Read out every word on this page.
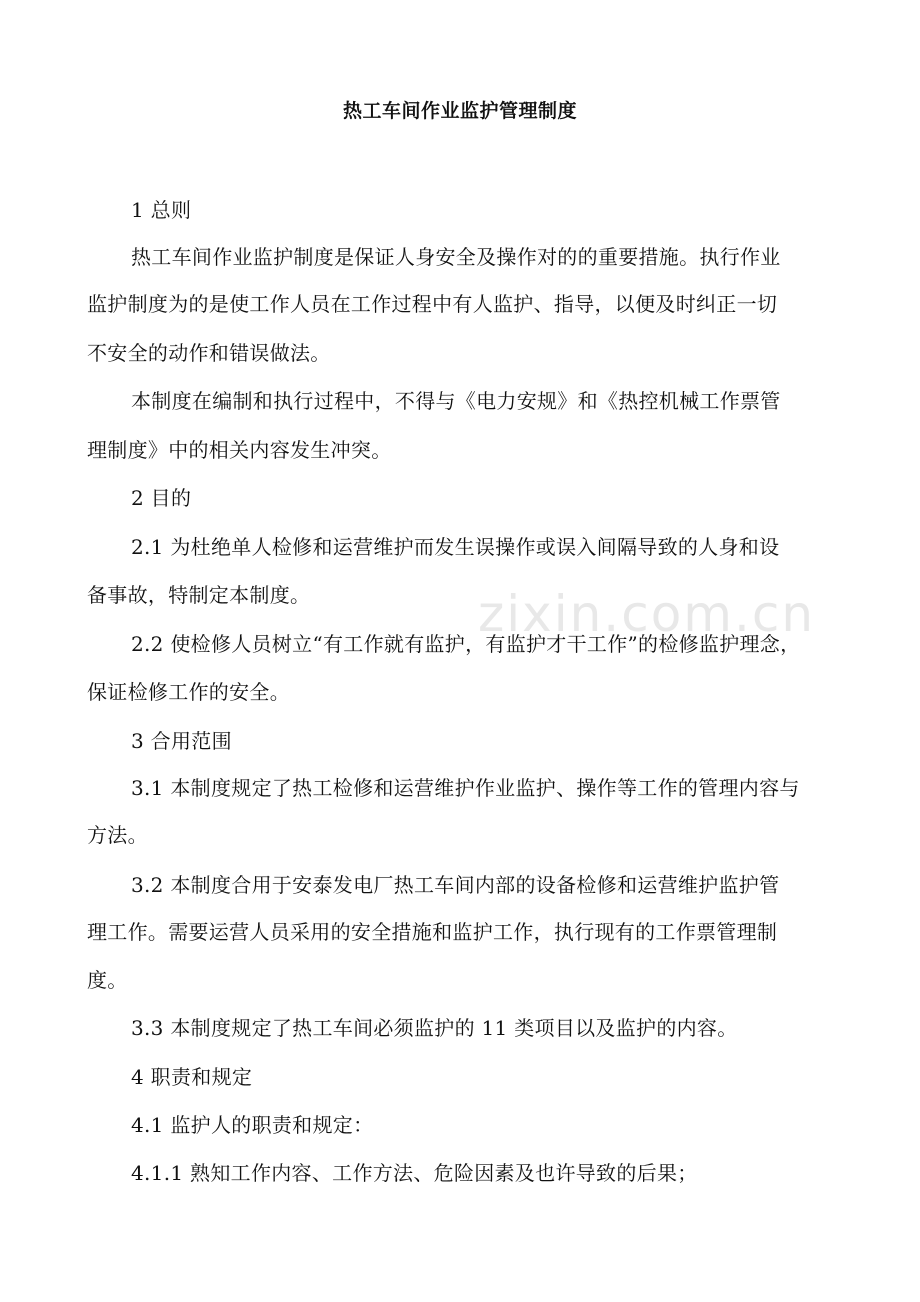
zixin.com.cn
热工车间作业监护管理制度
1 总则
热工车间作业监护制度是保证人身安全及操作对的的重要措施。执行作业
监护制度为的是使工作人员在工作过程中有人监护、指导，以便及时纠正一切
不安全的动作和错误做法。
本制度在编制和执行过程中，不得与《电力安规》和《热控机械工作票管
理制度》中的相关内容发生冲突。
2 目的
2.1 为杜绝单人检修和运营维护而发生误操作或误入间隔导致的人身和设
备事故，特制定本制度。
2.2 使检修人员树立“有工作就有监护，有监护才干工作”的检修监护理念，
保证检修工作的安全。
3 合用范围
3.1 本制度规定了热工检修和运营维护作业监护、操作等工作的管理内容与
方法。
3.2 本制度合用于安泰发电厂热工车间内部的设备检修和运营维护监护管
理工作。需要运营人员采用的安全措施和监护工作，执行现有的工作票管理制
度。
3.3 本制度规定了热工车间必须监护的 11 类项目以及监护的内容。
4 职责和规定
4.1 监护人的职责和规定：
4.1.1 熟知工作内容、工作方法、危险因素及也许导致的后果；
